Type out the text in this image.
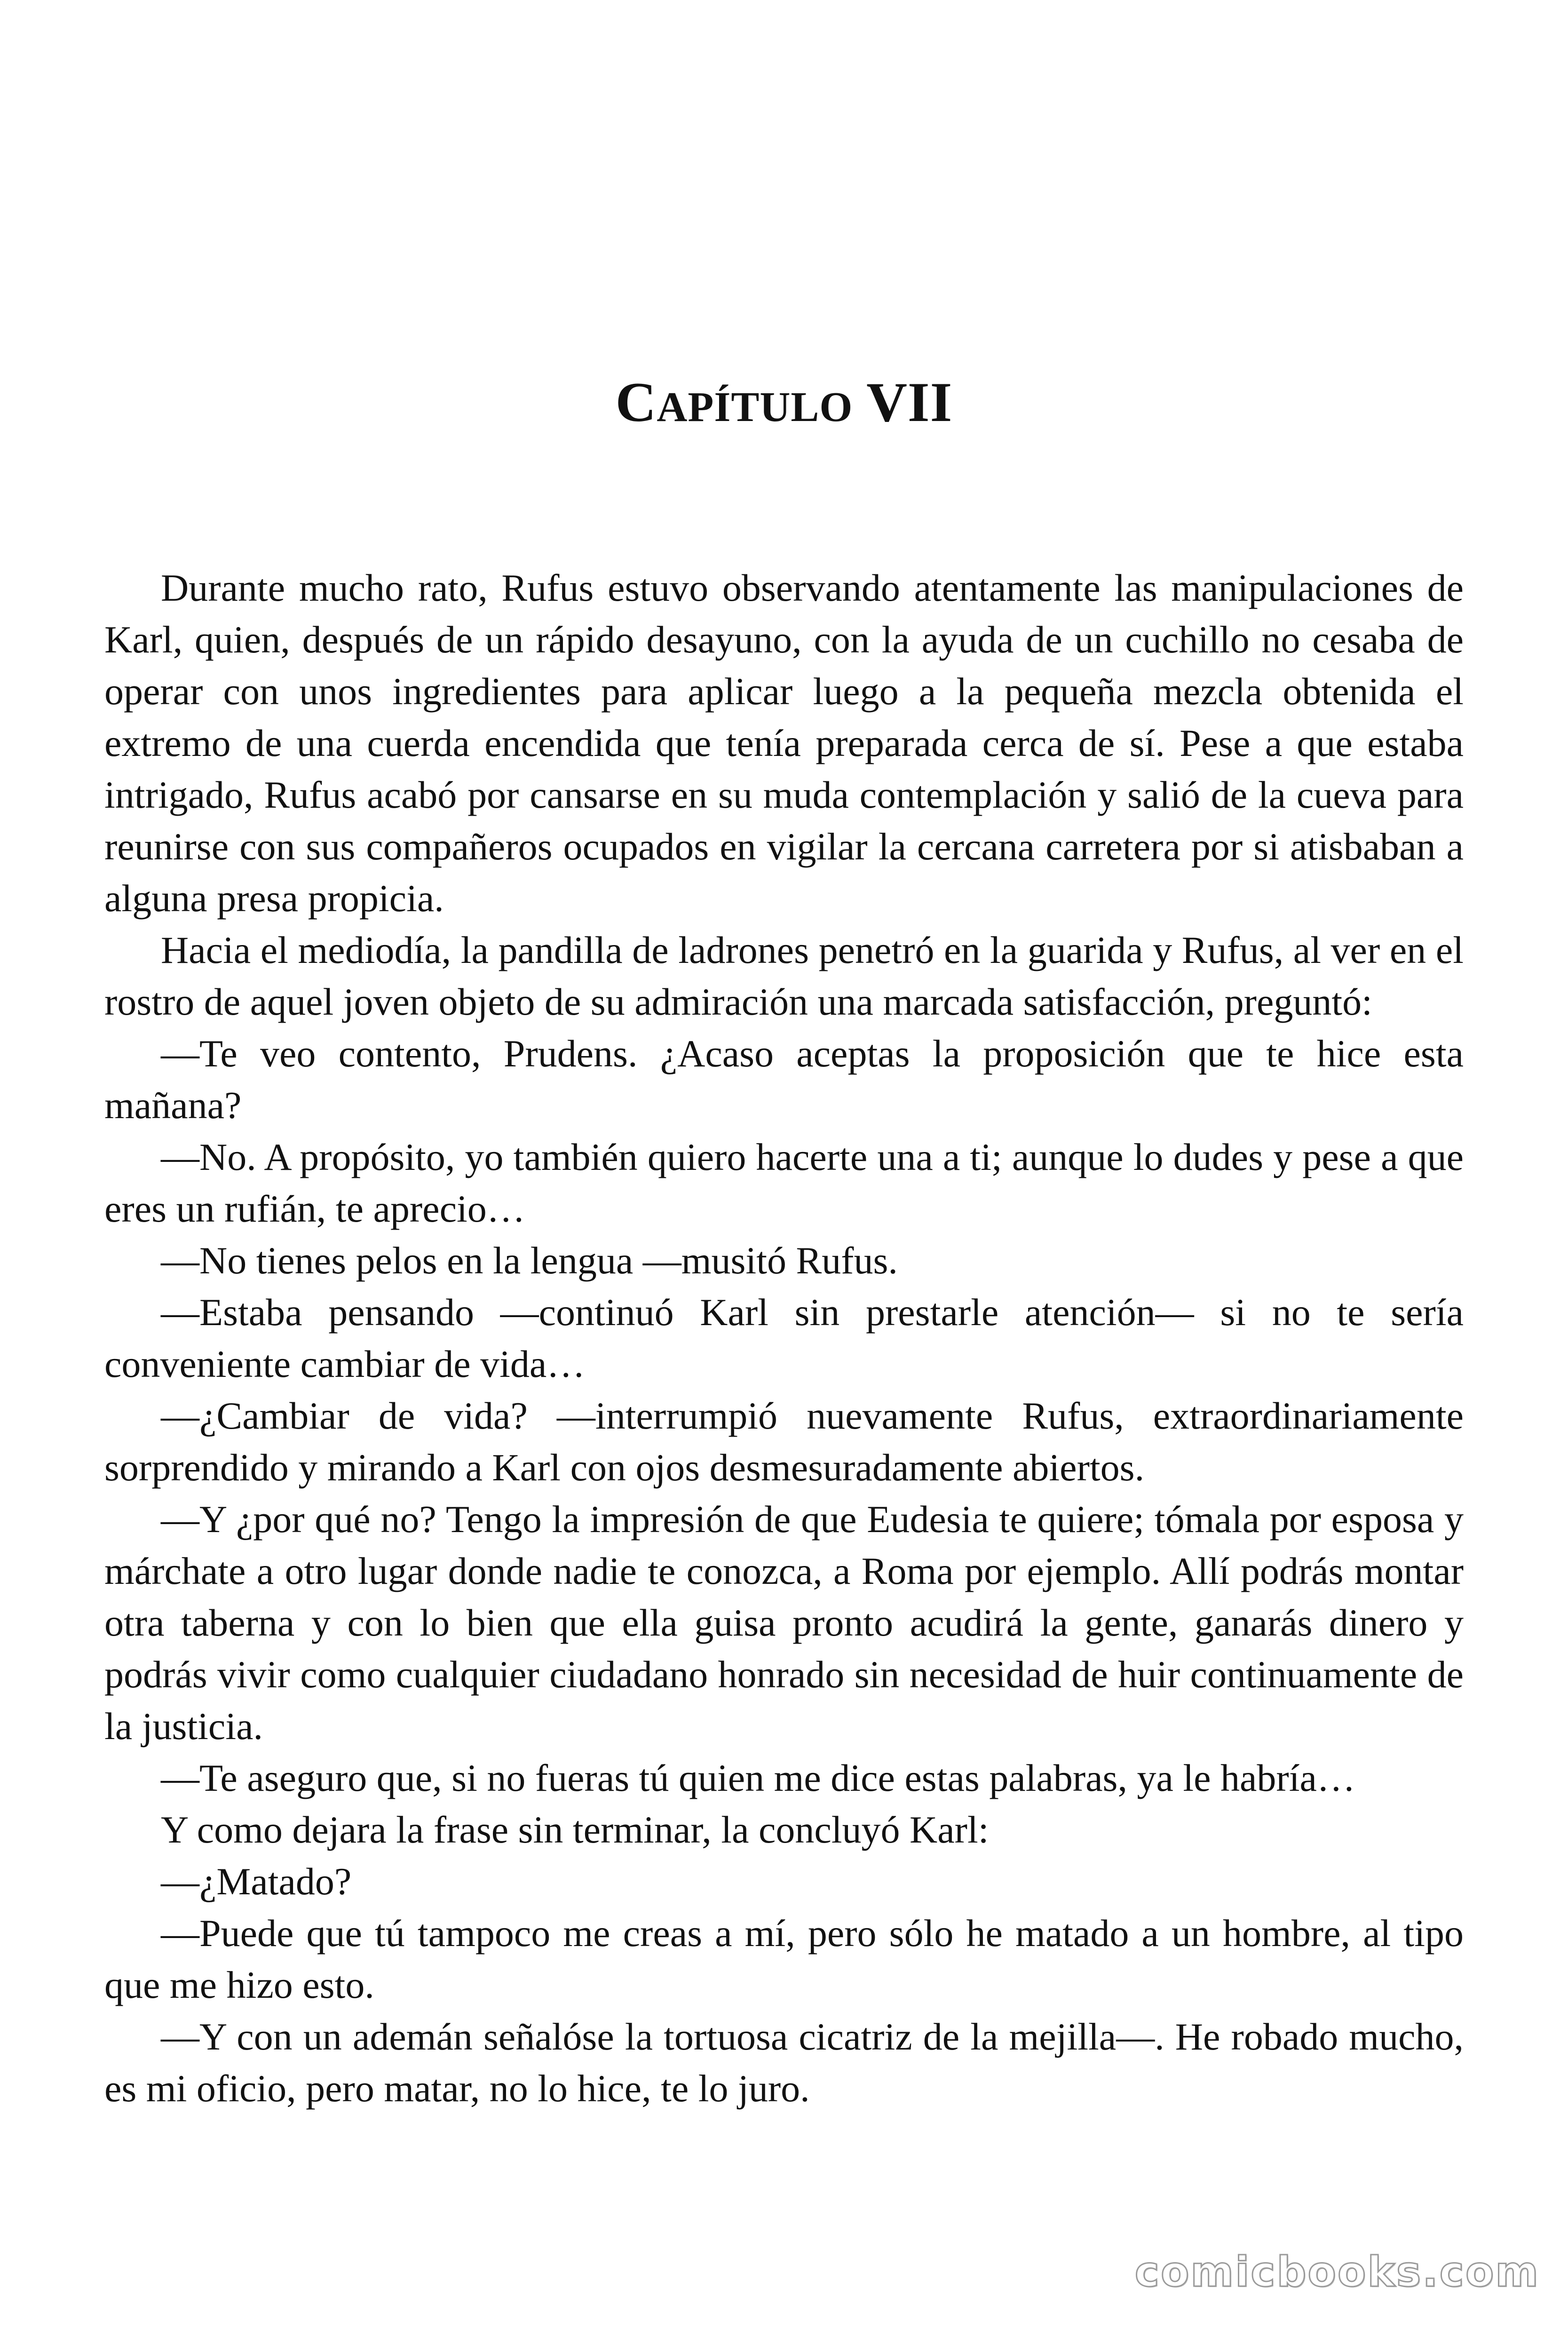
CAPÍTULO VII

Durante mucho rato, Rufus estuvo observando atentamente las manipulaciones de Karl, quien, después de un rápido desayuno, con la ayuda de un cuchillo no cesaba de operar con unos ingredientes para aplicar luego a la pequeña mezcla obtenida el extremo de una cuerda encendida que tenía preparada cerca de sí. Pese a que estaba intrigado, Rufus acabó por cansarse en su muda contemplación y salió de la cueva para reunirse con sus compañeros ocupados en vigilar la cercana carretera por si atisbaban a alguna presa propicia.

Hacia el mediodía, la pandilla de ladrones penetró en la guarida y Rufus, al ver en el rostro de aquel joven objeto de su admiración una marcada satisfacción, preguntó:

—Te veo contento, Prudens. ¿Acaso aceptas la proposición que te hice esta mañana?

—No. A propósito, yo también quiero hacerte una a ti; aunque lo dudes y pese a que eres un rufián, te aprecio…

—No tienes pelos en la lengua —musitó Rufus.

—Estaba pensando —continuó Karl sin prestarle atención— si no te sería conveniente cambiar de vida…

—¿Cambiar de vida? —interrumpió nuevamente Rufus, extraordinariamente sorprendido y mirando a Karl con ojos desmesuradamente abiertos.

—Y ¿por qué no? Tengo la impresión de que Eudesia te quiere; tómala por esposa y márchate a otro lugar donde nadie te conozca, a Roma por ejemplo. Allí podrás montar otra taberna y con lo bien que ella guisa pronto acudirá la gente, ganarás dinero y podrás vivir como cualquier ciudadano honrado sin necesidad de huir continuamente de la justicia.

—Te aseguro que, si no fueras tú quien me dice estas palabras, ya le habría…

Y como dejara la frase sin terminar, la concluyó Karl:

—¿Matado?

—Puede que tú tampoco me creas a mí, pero sólo he matado a un hombre, al tipo que me hizo esto.

—Y con un ademán señalóse la tortuosa cicatriz de la mejilla—. He robado mucho, es mi oficio, pero matar, no lo hice, te lo juro.

comicbooks.com
